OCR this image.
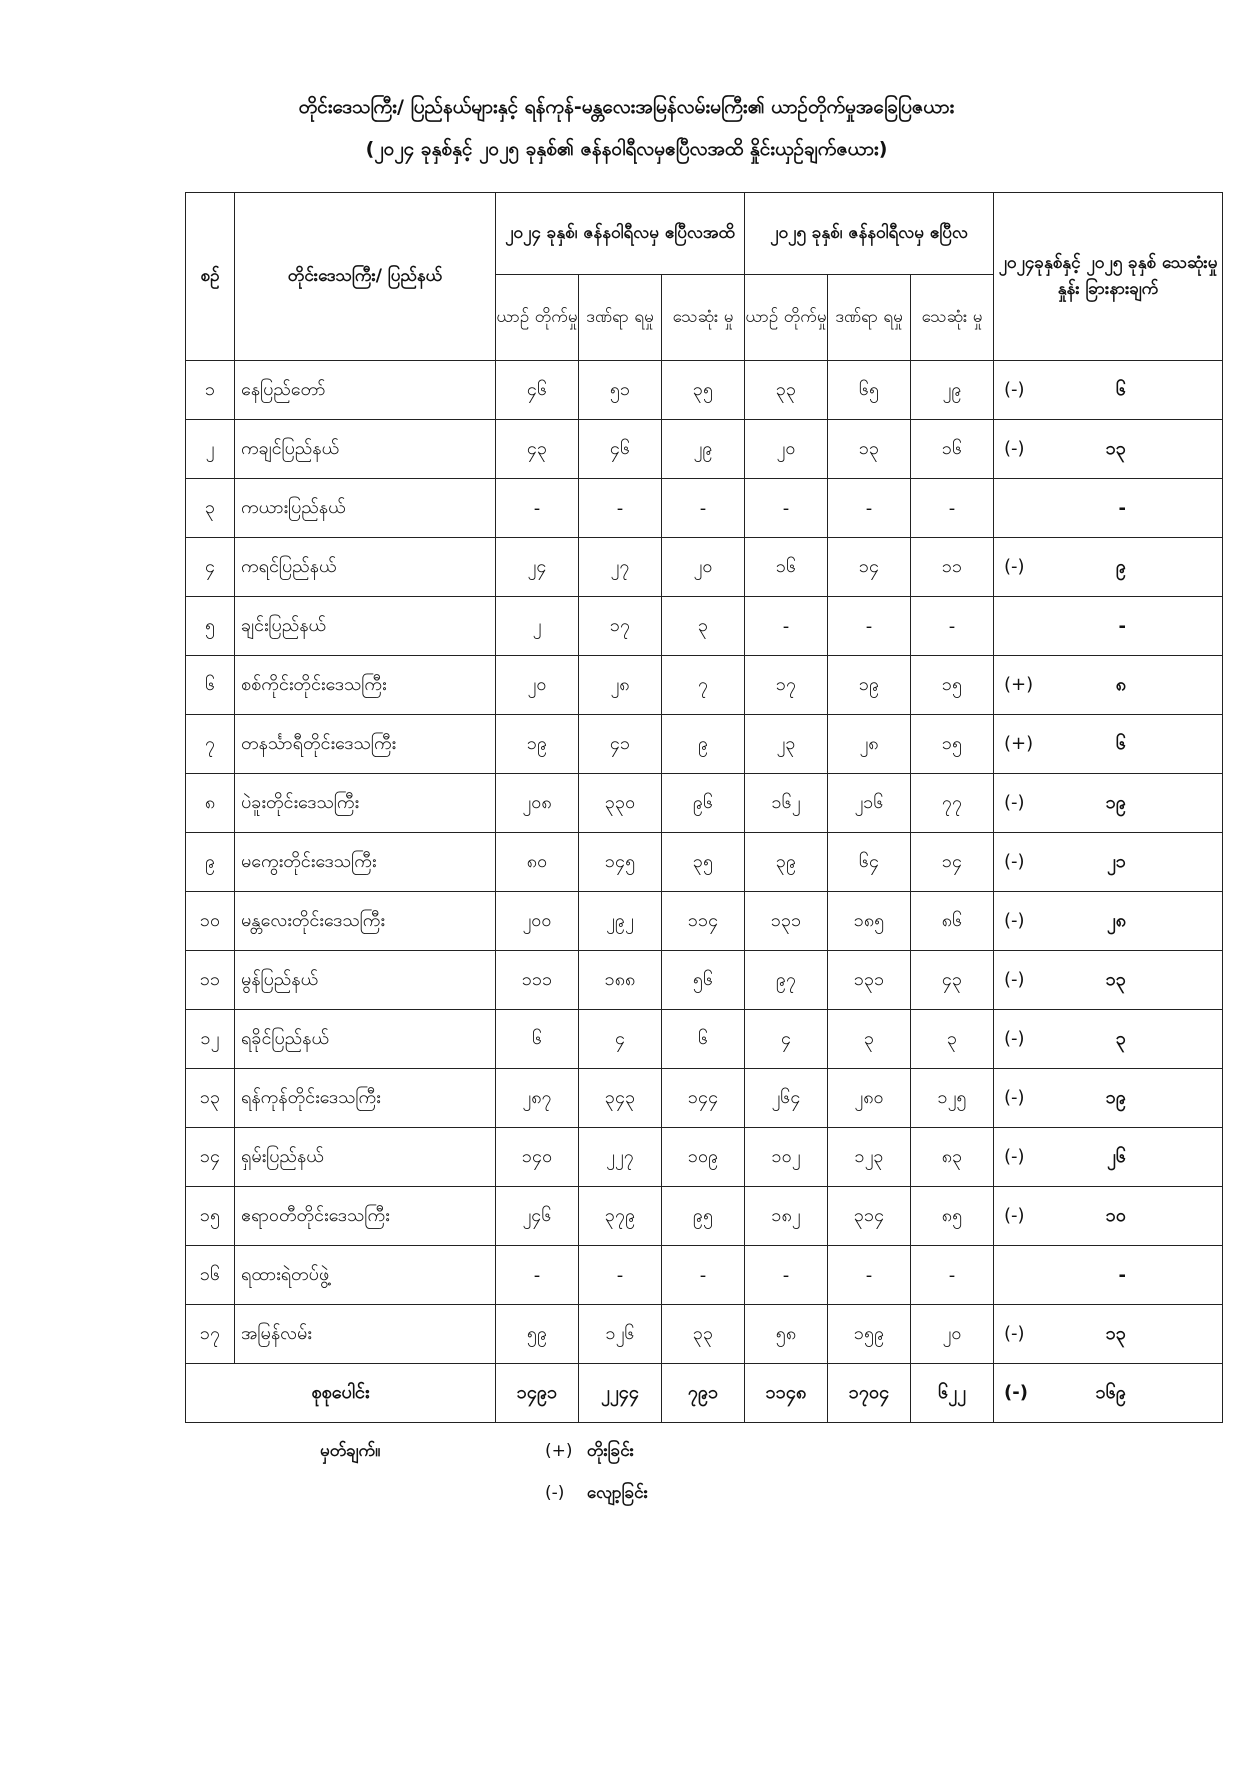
တိုင်းဒေသကြီး/ ပြည်နယ်များနှင့် ရန်ကုန်-မန္တလေးအမြန်လမ်းမကြီး၏ ယာဉ်တိုက်မှုအခြေပြဇယား
(၂၀၂၄ ခုနှစ်နှင့် ၂၀၂၅ ခုနှစ်၏ ဇန်နဝါရီလမှဧပြီလအထိ နှိုင်းယှဉ်ချက်ဇယား)
စဉ်	တိုင်းဒေသကြီး/ ပြည်နယ်	၂၀၂၄ ခုနှစ်၊ ဇန်နဝါရီလမှ ဧပြီလအထိ			၂၀၂၅ ခုနှစ်၊ ဇန်နဝါရီလမှ ဧပြီလ			၂၀၂၄ခုနှစ်နှင့် ၂၀၂၅ ခုနှစ် သေဆုံးမှုနှုန်း ခြားနားချက်
		ယာဉ် တိုက်မှု	ဒဏ်ရာ ရမှု	သေဆုံး မှု	ယာဉ် တိုက်မှု	ဒဏ်ရာ ရမှု	သေဆုံး မှု	
၁	နေပြည်တော်	၄၆	၅၁	၃၅	၃၃	၆၅	၂၉	(-) ၆
၂	ကချင်ပြည်နယ်	၄၃	၄၆	၂၉	၂၀	၁၃	၁၆	(-) ၁၃
၃	ကယားပြည်နယ်	-	-	-	-	-	-	-
၄	ကရင်ပြည်နယ်	၂၄	၂၇	၂၀	၁၆	၁၄	၁၁	(-) ၉
၅	ချင်းပြည်နယ်	၂	၁၇	၃	-	-	-	-
၆	စစ်ကိုင်းတိုင်းဒေသကြီး	၂၀	၂၈	၇	၁၇	၁၉	၁၅	(+) ၈
၇	တနင်္သာရီတိုင်းဒေသကြီး	၁၉	၄၁	၉	၂၃	၂၈	၁၅	(+) ၆
၈	ပဲခူးတိုင်းဒေသကြီး	၂၀၈	၃၃၀	၉၆	၁၆၂	၂၁၆	၇၇	(-) ၁၉
၉	မကွေးတိုင်းဒေသကြီး	၈၀	၁၄၅	၃၅	၃၉	၆၄	၁၄	(-) ၂၁
၁၀	မန္တလေးတိုင်းဒေသကြီး	၂၀၀	၂၉၂	၁၁၄	၁၃၁	၁၈၅	၈၆	(-) ၂၈
၁၁	မွန်ပြည်နယ်	၁၁၁	၁၈၈	၅၆	၉၇	၁၃၁	၄၃	(-) ၁၃
၁၂	ရခိုင်ပြည်နယ်	၆	၄	၆	၄	၃	၃	(-) ၃
၁၃	ရန်ကုန်တိုင်းဒေသကြီး	၂၈၇	၃၄၃	၁၄၄	၂၆၄	၂၈၀	၁၂၅	(-) ၁၉
၁၄	ရှမ်းပြည်နယ်	၁၄၀	၂၂၇	၁၀၉	၁၀၂	၁၂၃	၈၃	(-) ၂၆
၁၅	ဧရာဝတီတိုင်းဒေသကြီး	၂၄၆	၃၇၉	၉၅	၁၈၂	၃၁၄	၈၅	(-) ၁၀
၁၆	ရထားရဲတပ်ဖွဲ့	-	-	-	-	-	-	-
၁၇	အမြန်လမ်း	၅၉	၁၂၆	၃၃	၅၈	၁၅၉	၂၀	(-) ၁၃
စုစုပေါင်း		၁၄၉၁	၂၂၄၄	၇၉၁	၁၁၄၈	၁၇၀၄	၆၂၂	(-) ၁၆၉
မှတ်ချက်။	(+) တိုးခြင်း
(-) လျော့ခြင်း
